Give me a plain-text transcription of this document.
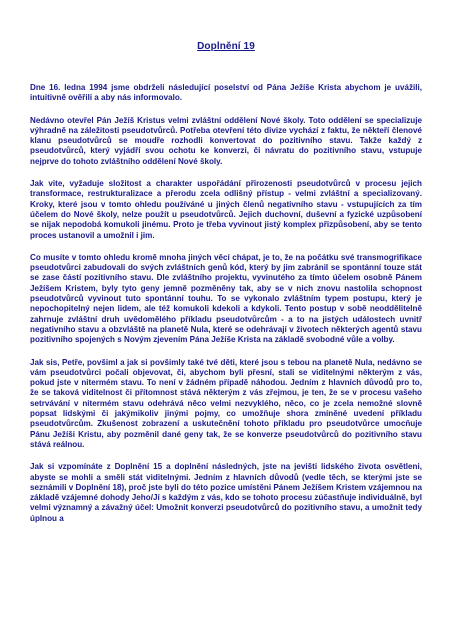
Doplnění 19

Dne 16. ledna 1994 jsme obdrželi následující poselství od Pána Ježíše Krista abychom je uvážili, intuitivně ověřili a aby nás informovalo.

Nedávno otevřel Pán Ježíš Kristus velmi zvláštní oddělení Nové školy. Toto oddělení se specializuje výhradně na záležitosti pseudotvůrců. Potřeba otevření této divize vychází z faktu, že někteří členové klanu pseudotvůrců se moudře rozhodli konvertovat do pozitivního stavu. Takže každý z pseudotvůrců, který vyjádří svou ochotu ke konverzi, či návratu do pozitivního stavu, vstupuje nejprve do tohoto zvláštního oddělení Nové školy.

Jak vite, vyžaduje složitost a charakter uspořádání přirozenosti pseudotvůrců v procesu jejich transformace, restrukturalizace a přerodu zcela odlišný přístup - velmi zvláštní a specializovaný. Kroky, které jsou v tomto ohledu používáné u jiných členů negativního stavu - vstupujících za tím účelem do Nové školy, nelze použít u pseudotvůrců. Jejich duchovní, duševní a fyzické uzpůsobení se nijak nepodobá komukoli jinému. Proto je třeba vyvinout jistý komplex přizpůsobení, aby se tento proces ustanovil a umožnil i jim.

Co musíte v tomto ohledu kromě mnoha jiných věcí chápat, je to, že na počátku své transmogrifikace pseudotvůrci zabudovali do svých zvláštních genů kód, který by jim zabránil se spontánní touze stát se zase částí pozitivního stavu. Dle zvláštního projektu, vyvinutého za tímto účelem osobně Pánem Ježíšem Kristem, byly tyto geny jemně pozměněny tak, aby se v nich znovu nastolila schopnost pseudotvůrců vyvinout tuto spontánní touhu. To se vykonalo zvláštním typem postupu, který je nepochopitelný nejen lidem, ale též komukoli kdekoli a kdykoli. Tento postup v sobě neoddělitelně zahrnuje zvláštní druh uvědomělého příkladu pseudotvůrcům - a to na jistých událostech uvnitř negativního stavu a obzvláště na planetě Nula, které se odehrávají v životech některých agentů stavu pozitivního spojených s Novým zjevením Pána Ježíše Krista na základě svobodné vůle a volby.

Jak sis, Petře, povšiml a jak si povšimly také tvé děti, které jsou s tebou na planetě Nula, nedávno se vám pseudotvůrci počali objevovat, či, abychom byli přesní, stali se viditelnými některým z vás, pokud jste v nitermém stavu. To není v žádném případě náhodou. Jedním z hlavních důvodů pro to, že se taková viditelnost či přítomnost stává některým z vás zřejmou, je ten, že se v procesu vašeho setrvávání v nitermém stavu odehrává něco velmi nezvyklého, něco, co je zcela nemožné slovně popsat lidskými či jakýmikoliv jinými pojmy, co umožňuje shora zmíněné uvedení příkladu pseudotvůrcům. Zkušenost zobrazení a uskutečnění tohoto příkladu pro pseudotvůrce umocňuje Pánu Ježíši Kristu, aby pozměnil dané geny tak, že se konverze pseudotvůrců do pozitivního stavu stává reálnou.

Jak si vzpomínáte z Doplnění 15 a doplnění následných, jste na jevišti lidského života osvětleni, abyste se mohli a směli stát viditelnými. Jedním z hlavních důvodů (vedle těch, se kterými jste se seznámili v Doplnění 18), proč jste byli do této pozice umístěni Pánem Ježíšem Kristem vzájemnou na základě vzájemné dohody Jeho/Jí s každým z vás, kdo se tohoto procesu zúčastňuje individuálně, byl velmi významný a závažný účel: Umožnit konverzi pseudotvůrců do pozitivního stavu, a umožnit tedy úplnou a
